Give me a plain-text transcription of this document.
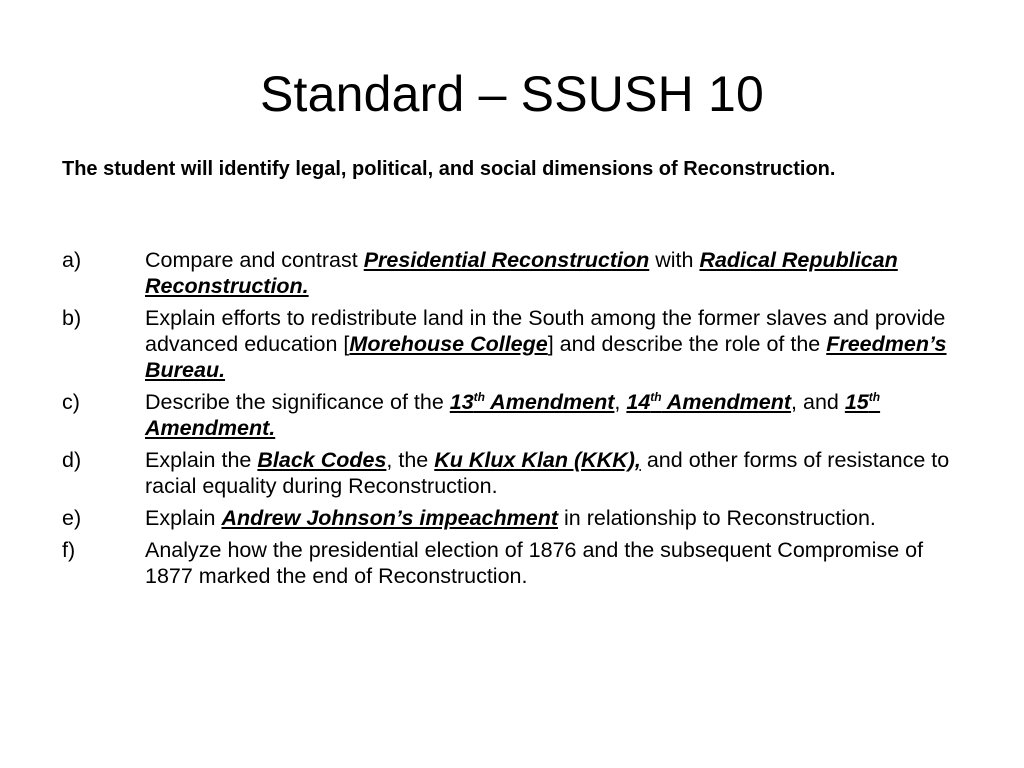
Standard – SSUSH 10
The student will identify legal, political, and social dimensions of Reconstruction.
a)	Compare and contrast Presidential Reconstruction with Radical Republican Reconstruction.
b)	Explain efforts to redistribute land in the South among the former slaves and provide advanced education [Morehouse College] and describe the role of the Freedmen’s Bureau.
c)	Describe the significance of the 13th Amendment, 14th Amendment, and 15th Amendment.
d)	Explain the Black Codes, the Ku Klux Klan (KKK), and other forms of resistance to racial equality during Reconstruction.
e)	Explain Andrew Johnson’s impeachment in relationship to Reconstruction.
f)	Analyze how the presidential election of 1876 and the subsequent Compromise of 1877 marked the end of Reconstruction.
